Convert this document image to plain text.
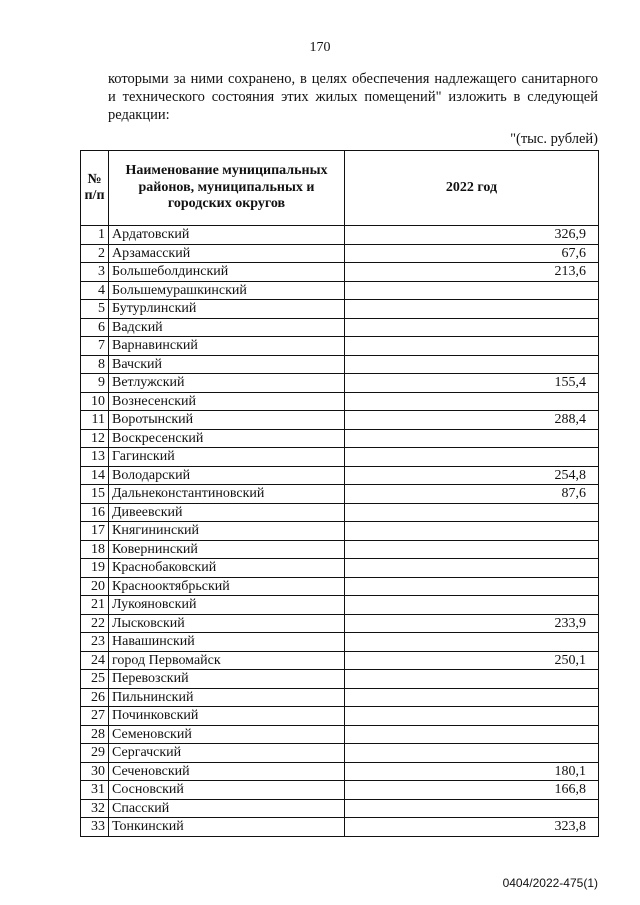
170
которыми за ними сохранено, в целях обеспечения надлежащего санитарного и технического состояния этих жилых помещений" изложить в следующей редакции:
"(тыс. рублей)
№ п/п	Наименование муниципальных районов, муниципальных и городских округов	2022 год
1	Ардатовский	326,9
2	Арзамасский	67,6
3	Большеболдинский	213,6
4	Большемурашкинский	
5	Бутурлинский	
6	Вадский	
7	Варнавинский	
8	Вачский	
9	Ветлужский	155,4
10	Вознесенский	
11	Воротынский	288,4
12	Воскресенский	
13	Гагинский	
14	Володарский	254,8
15	Дальнеконстантиновский	87,6
16	Дивеевский	
17	Княгининский	
18	Ковернинский	
19	Краснобаковский	
20	Краснооктябрьский	
21	Лукояновский	
22	Лысковский	233,9
23	Навашинский	
24	город Первомайск	250,1
25	Перевозский	
26	Пильнинский	
27	Починковский	
28	Семеновский	
29	Сергачский	
30	Сеченовский	180,1
31	Сосновский	166,8
32	Спасский	
33	Тонкинский	323,8
0404/2022-475(1)
